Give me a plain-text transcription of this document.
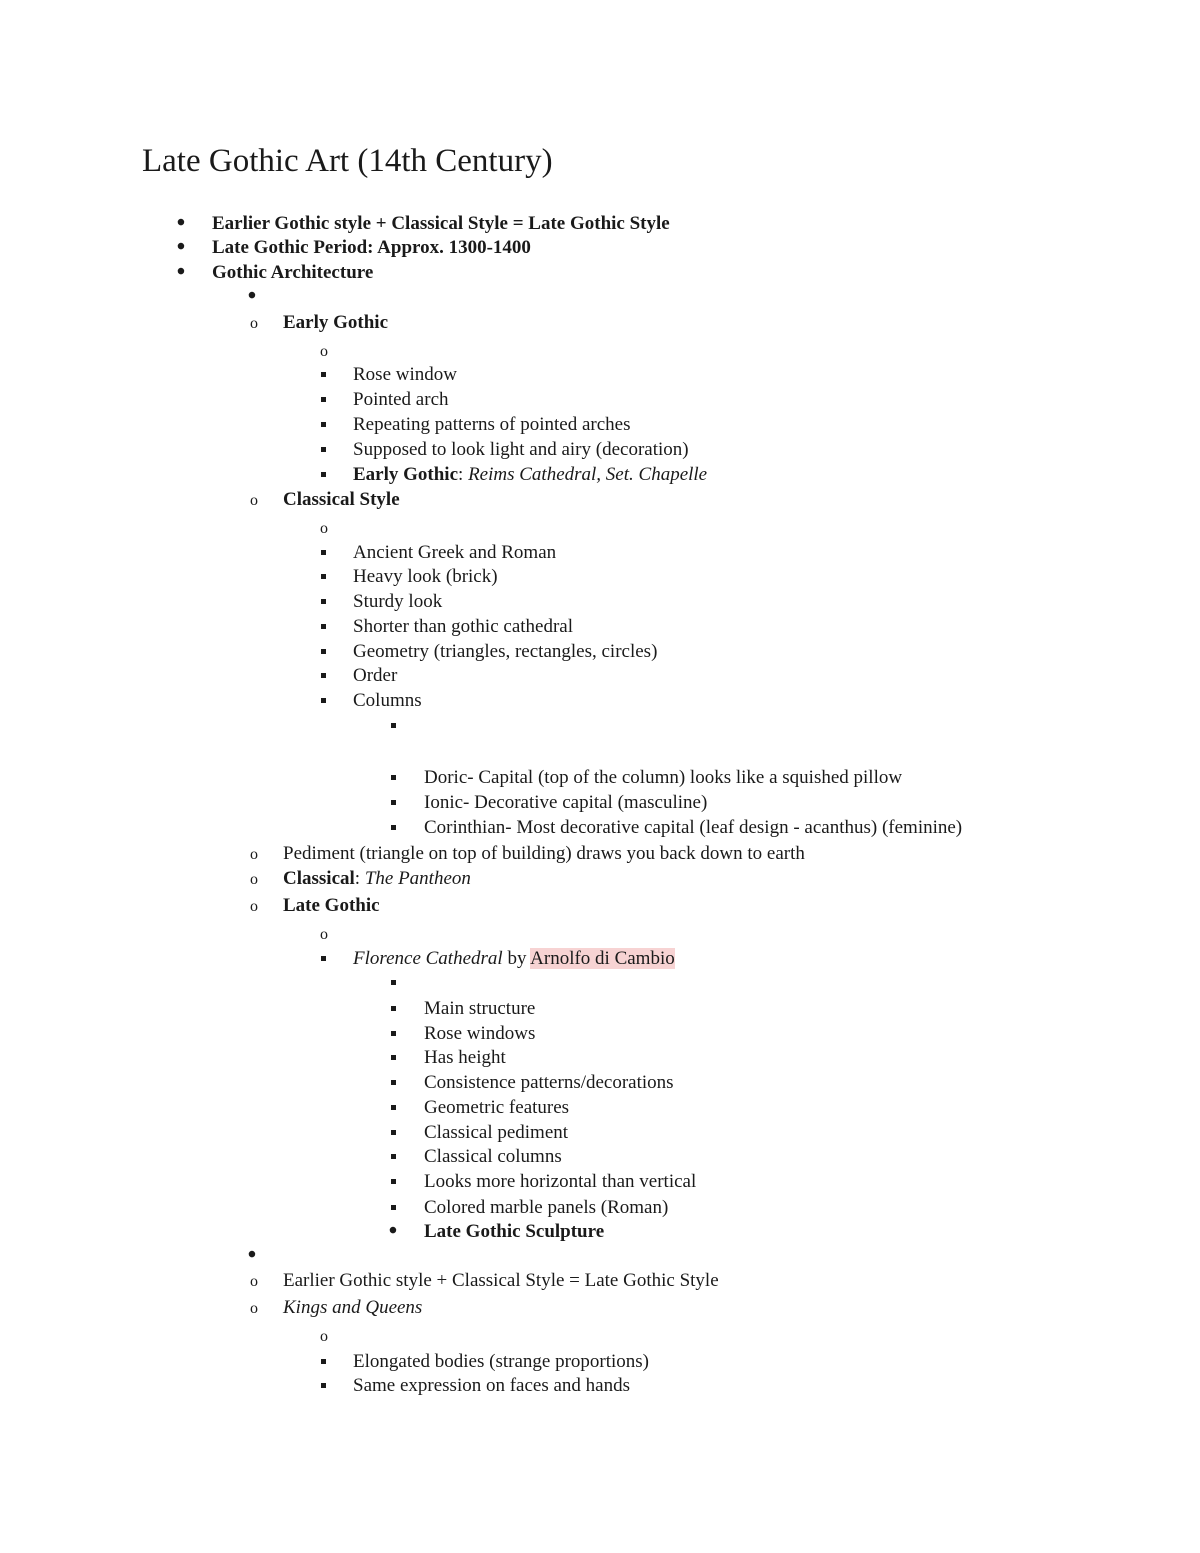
Late Gothic Art (14th Century)
•
Earlier Gothic style + Classical Style = Late Gothic Style
•
Late Gothic Period: Approx. 1300-1400
•
Gothic Architecture
•
o
Early Gothic
o
Rose window
Pointed arch
Repeating patterns of pointed arches
Supposed to look light and airy (decoration)
Early Gothic: Reims Cathedral, Set. Chapelle
o
Classical Style
o
Ancient Greek and Roman
Heavy look (brick)
Sturdy look
Shorter than gothic cathedral
Geometry (triangles, rectangles, circles)
Order
Columns
Doric- Capital (top of the column) looks like a squished pillow
Ionic- Decorative capital (masculine)
Corinthian- Most decorative capital (leaf design - acanthus) (feminine)
o
Pediment (triangle on top of building) draws you back down to earth
o
Classical: The Pantheon
o
Late Gothic
o
Florence Cathedral by Arnolfo di Cambio
Main structure
Rose windows
Has height
Consistence patterns/decorations
Geometric features
Classical pediment
Classical columns
Looks more horizontal than vertical
Colored marble panels (Roman)
•
Late Gothic Sculpture
•
o
Earlier Gothic style + Classical Style = Late Gothic Style
o
Kings and Queens
o
Elongated bodies (strange proportions)
Same expression on faces and hands
